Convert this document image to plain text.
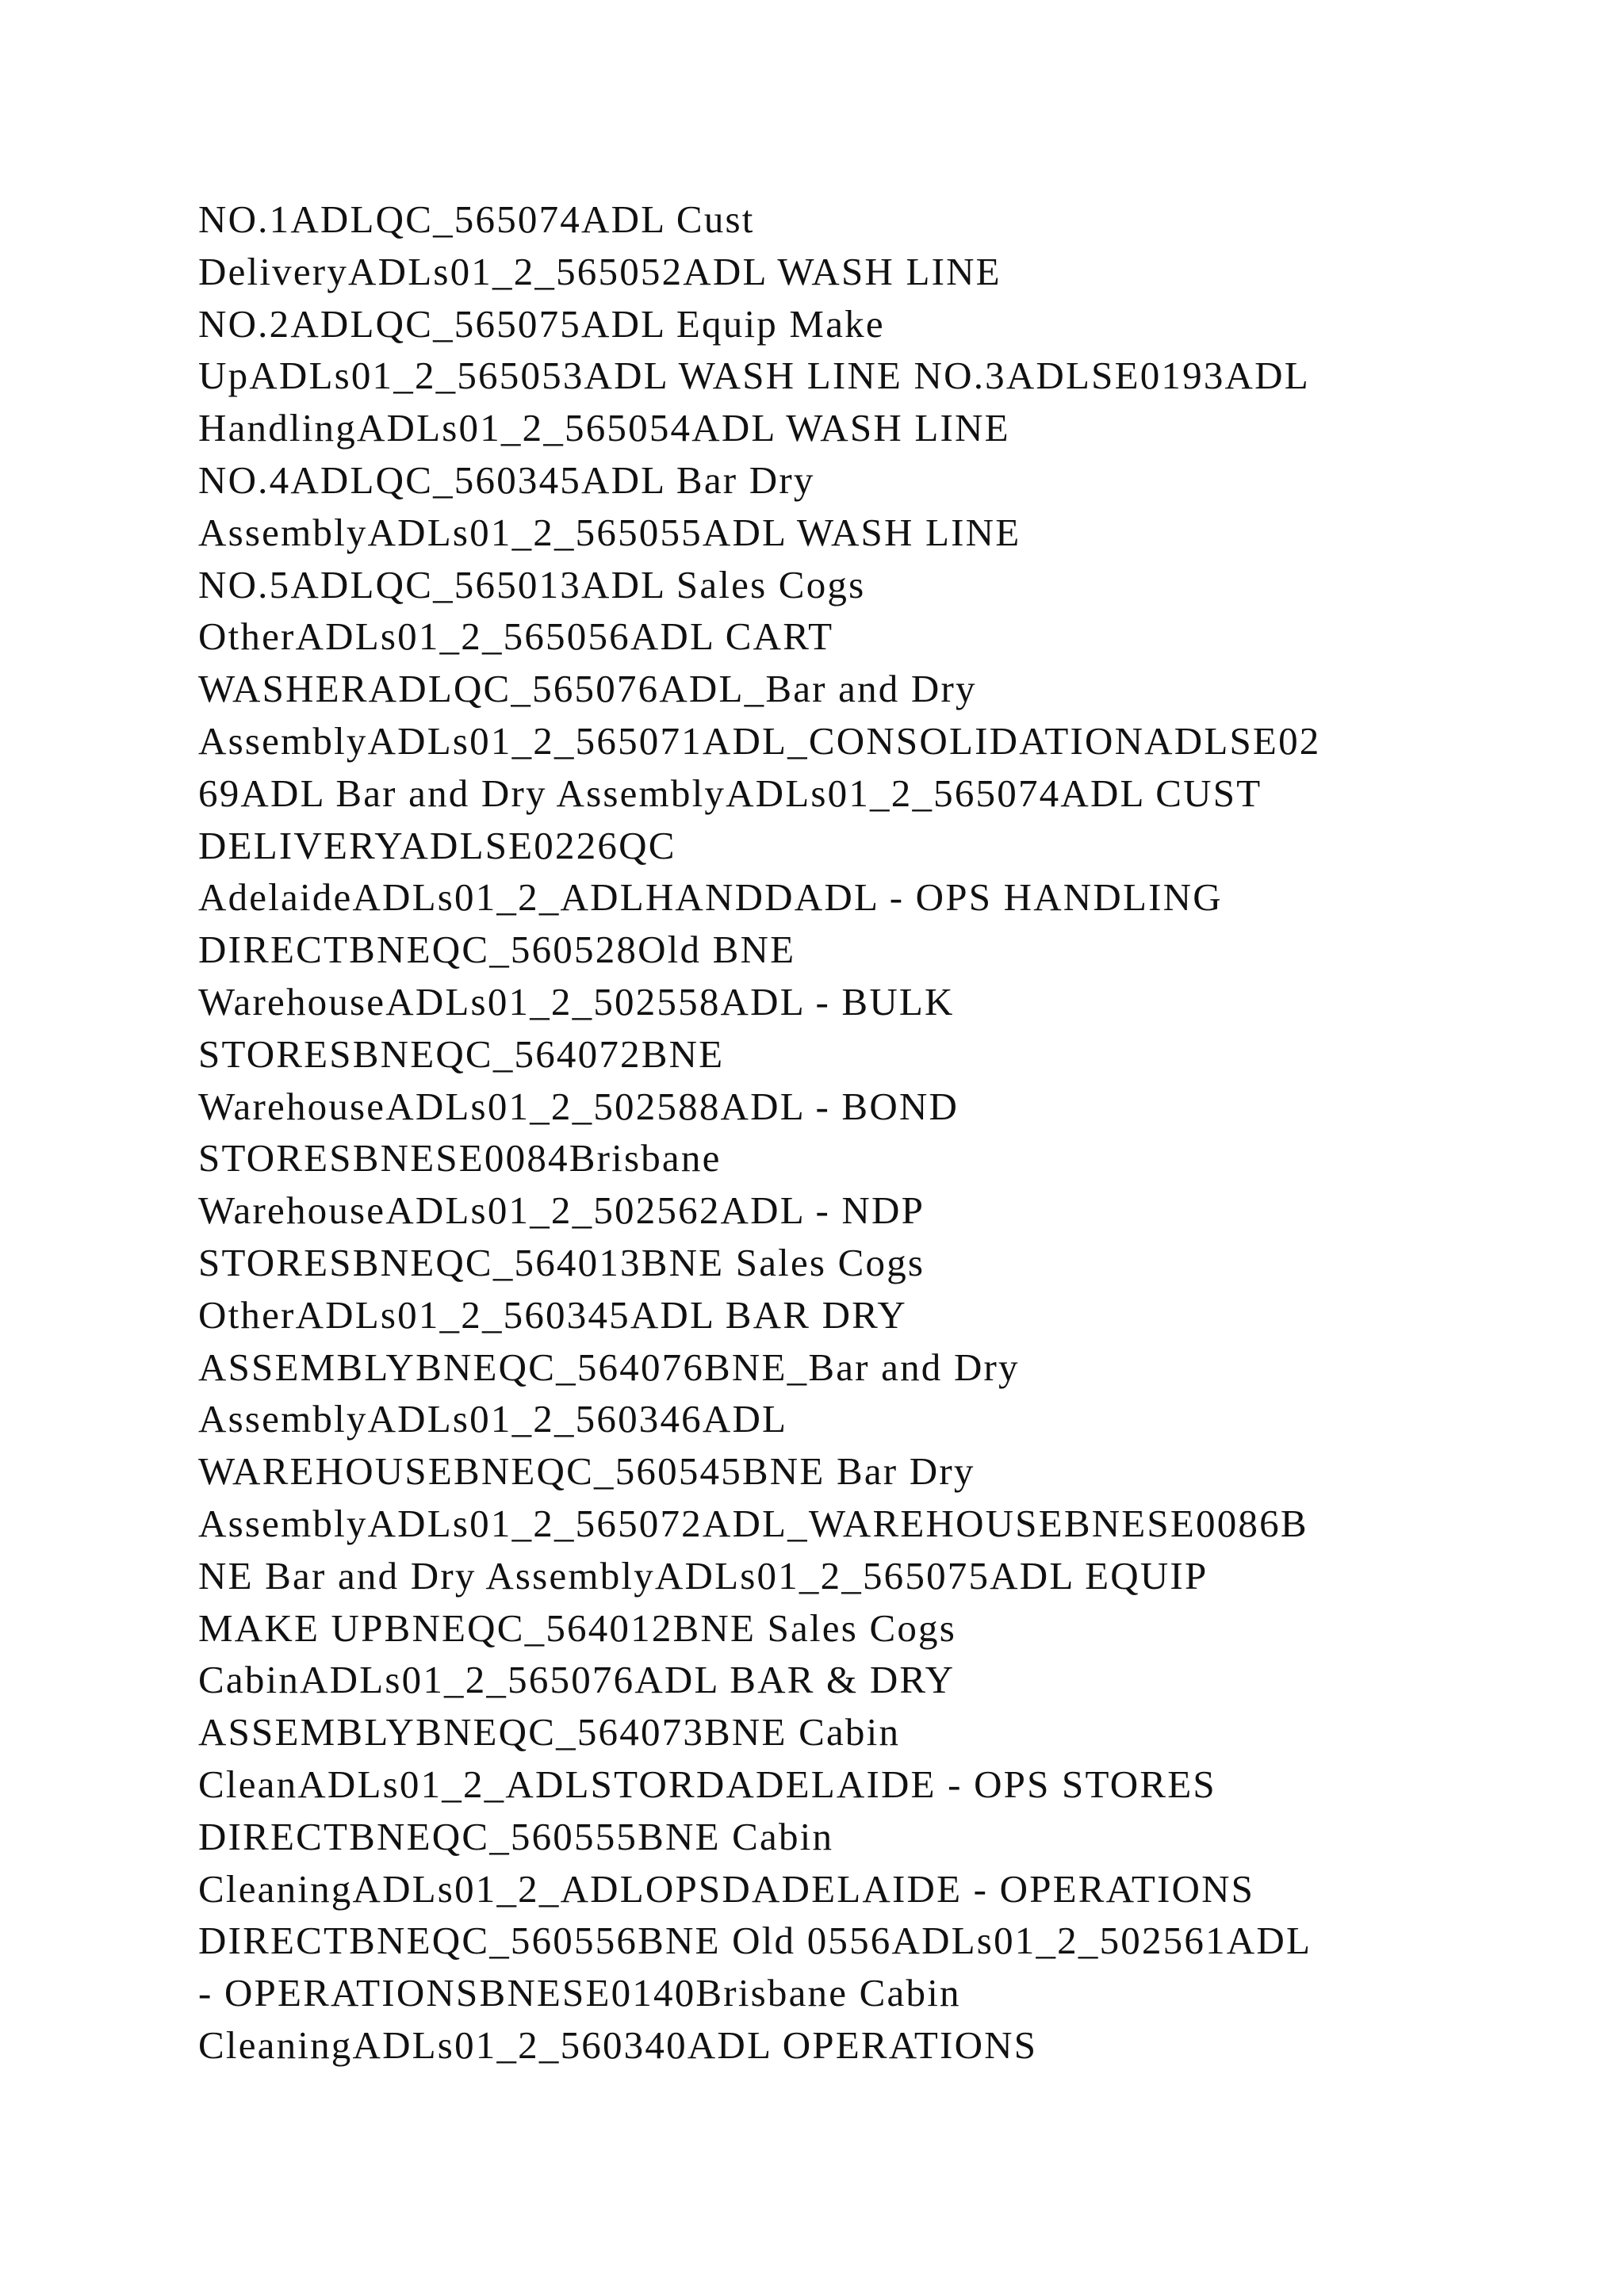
NO.1ADLQC_565074ADL Cust
DeliveryADLs01_2_565052ADL WASH LINE
NO.2ADLQC_565075ADL Equip Make
UpADLs01_2_565053ADL WASH LINE NO.3ADLSE0193ADL
HandlingADLs01_2_565054ADL WASH LINE
NO.4ADLQC_560345ADL Bar Dry
AssemblyADLs01_2_565055ADL WASH LINE
NO.5ADLQC_565013ADL Sales Cogs
OtherADLs01_2_565056ADL CART
WASHERADLQC_565076ADL_Bar and Dry
AssemblyADLs01_2_565071ADL_CONSOLIDATIONADLSE02
69ADL Bar and Dry AssemblyADLs01_2_565074ADL CUST
DELIVERYADLSE0226QC
AdelaideADLs01_2_ADLHANDDADL - OPS HANDLING
DIRECTBNEQC_560528Old BNE
WarehouseADLs01_2_502558ADL - BULK
STORESBNEQC_564072BNE
WarehouseADLs01_2_502588ADL - BOND
STORESBNESE0084Brisbane
WarehouseADLs01_2_502562ADL - NDP
STORESBNEQC_564013BNE Sales Cogs
OtherADLs01_2_560345ADL BAR DRY
ASSEMBLYBNEQC_564076BNE_Bar and Dry
AssemblyADLs01_2_560346ADL
WAREHOUSEBNEQC_560545BNE Bar Dry
AssemblyADLs01_2_565072ADL_WAREHOUSEBNESE0086B
NE Bar and Dry AssemblyADLs01_2_565075ADL EQUIP
MAKE UPBNEQC_564012BNE Sales Cogs
CabinADLs01_2_565076ADL BAR & DRY
ASSEMBLYBNEQC_564073BNE Cabin
CleanADLs01_2_ADLSTORDADELAIDE - OPS STORES
DIRECTBNEQC_560555BNE Cabin
CleaningADLs01_2_ADLOPSDADELAIDE - OPERATIONS
DIRECTBNEQC_560556BNE Old 0556ADLs01_2_502561ADL
- OPERATIONSBNESE0140Brisbane Cabin
CleaningADLs01_2_560340ADL OPERATIONS
